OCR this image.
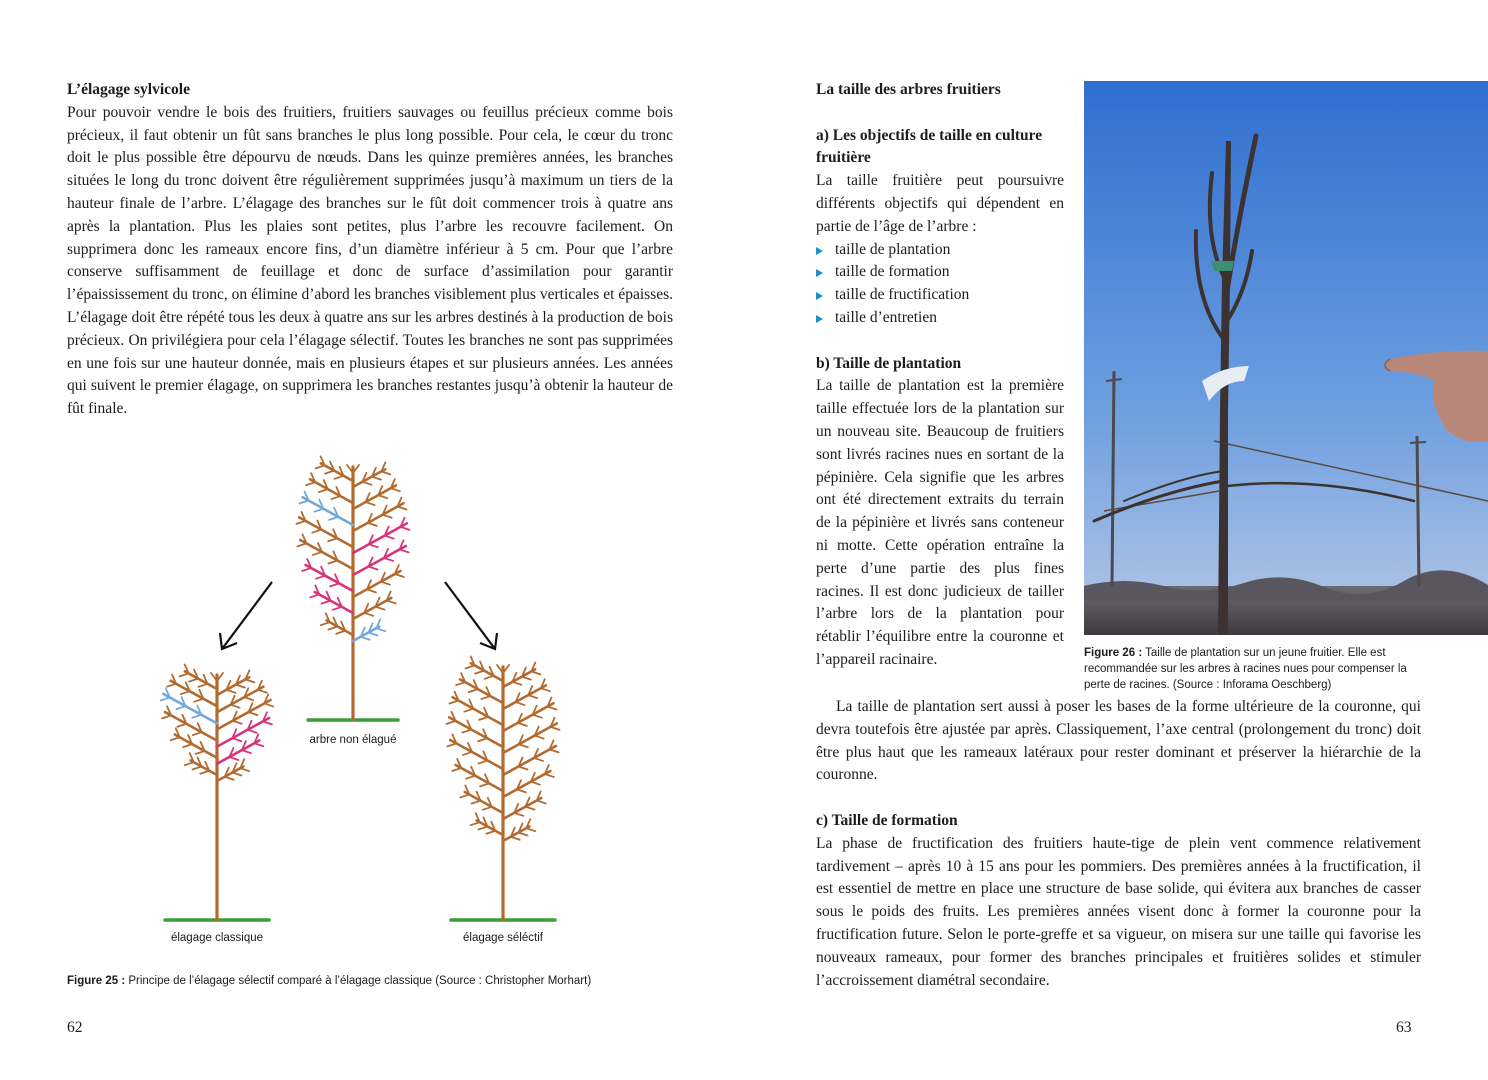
L’élagage sylvicole

Pour pouvoir vendre le bois des fruitiers, fruitiers sauvages ou feuillus précieux comme bois précieux, il faut obtenir un fût sans branches le plus long possible. Pour cela, le cœur du tronc doit le plus possible être dépourvu de nœuds. Dans les quinze premières années, les branches situées le long du tronc doivent être régulièrement supprimées jusqu’à maximum un tiers de la hauteur finale de l’arbre. L’élagage des branches sur le fût doit commencer trois à quatre ans après la plantation. Plus les plaies sont petites, plus l’arbre les recouvre facilement. On supprimera donc les rameaux encore fins, d’un diamètre inférieur à 5 cm. Pour que l’arbre conserve suffisamment de feuillage et donc de surface d’assimilation pour garantir l’épaississement du tronc, on élimine d’abord les branches visiblement plus verticales et épaisses. L’élagage doit être répété tous les deux à quatre ans sur les arbres destinés à la production de bois précieux. On privilégiera pour cela l’élagage sélectif. Toutes les branches ne sont pas supprimées en une fois sur une hauteur donnée, mais en plusieurs étapes et sur plusieurs années. Les années qui suivent le premier élagage, on supprimera les branches restantes jusqu’à obtenir la hauteur de fût finale.

arbre non élagué
élagage classique	élagage séléctif
Figure 25 : Principe de l’élagage sélectif comparé à l’élagage classique (Source : Christopher Morhart)
62

La taille des arbres fruitiers

a) Les objectifs de taille en culture fruitière

La taille fruitière peut poursuivre différents objectifs qui dépendent en partie de l’âge de l’arbre :

taille de plantation
taille de formation
taille de fructification
taille d’entretien

b) Taille de plantation

La taille de plantation est la première taille effectuée lors de la plantation sur un nouveau site. Beaucoup de fruitiers sont livrés racines nues en sortant de la pépinière. Cela signifie que les arbres ont été directement extraits du terrain de la pépinière et livrés sans conteneur ni motte. Cette opération entraîne la perte d’une partie des plus fines racines. Il est donc judicieux de tailler l’arbre lors de la plantation pour rétablir l’équilibre entre la couronne et l’appareil racinaire.	Figure 26 : Taille de plantation sur un jeune fruitier. Elle est recommandée sur les arbres à racines nues pour compenser la perte de racines. (Source : Inforama Oeschberg)

La taille de plantation sert aussi à poser les bases de la forme ultérieure de la couronne, qui devra toutefois être ajustée par après. Classiquement, l’axe central (prolongement du tronc) doit être plus haut que les rameaux latéraux pour rester dominant et préserver la hiérarchie de la couronne.

c) Taille de formation

La phase de fructification des fruitiers haute-tige de plein vent commence relativement tardivement – après 10 à 15 ans pour les pommiers. Des premières années à la fructification, il est essentiel de mettre en place une structure de base solide, qui évitera aux branches de casser sous le poids des fruits. Les premières années visent donc à former la couronne pour la fructification future. Selon le porte-greffe et sa vigueur, on misera sur une taille qui favorise les nouveaux rameaux, pour former des branches principales et fruitières solides et stimuler l’accroissement diamétral secondaire.

63
